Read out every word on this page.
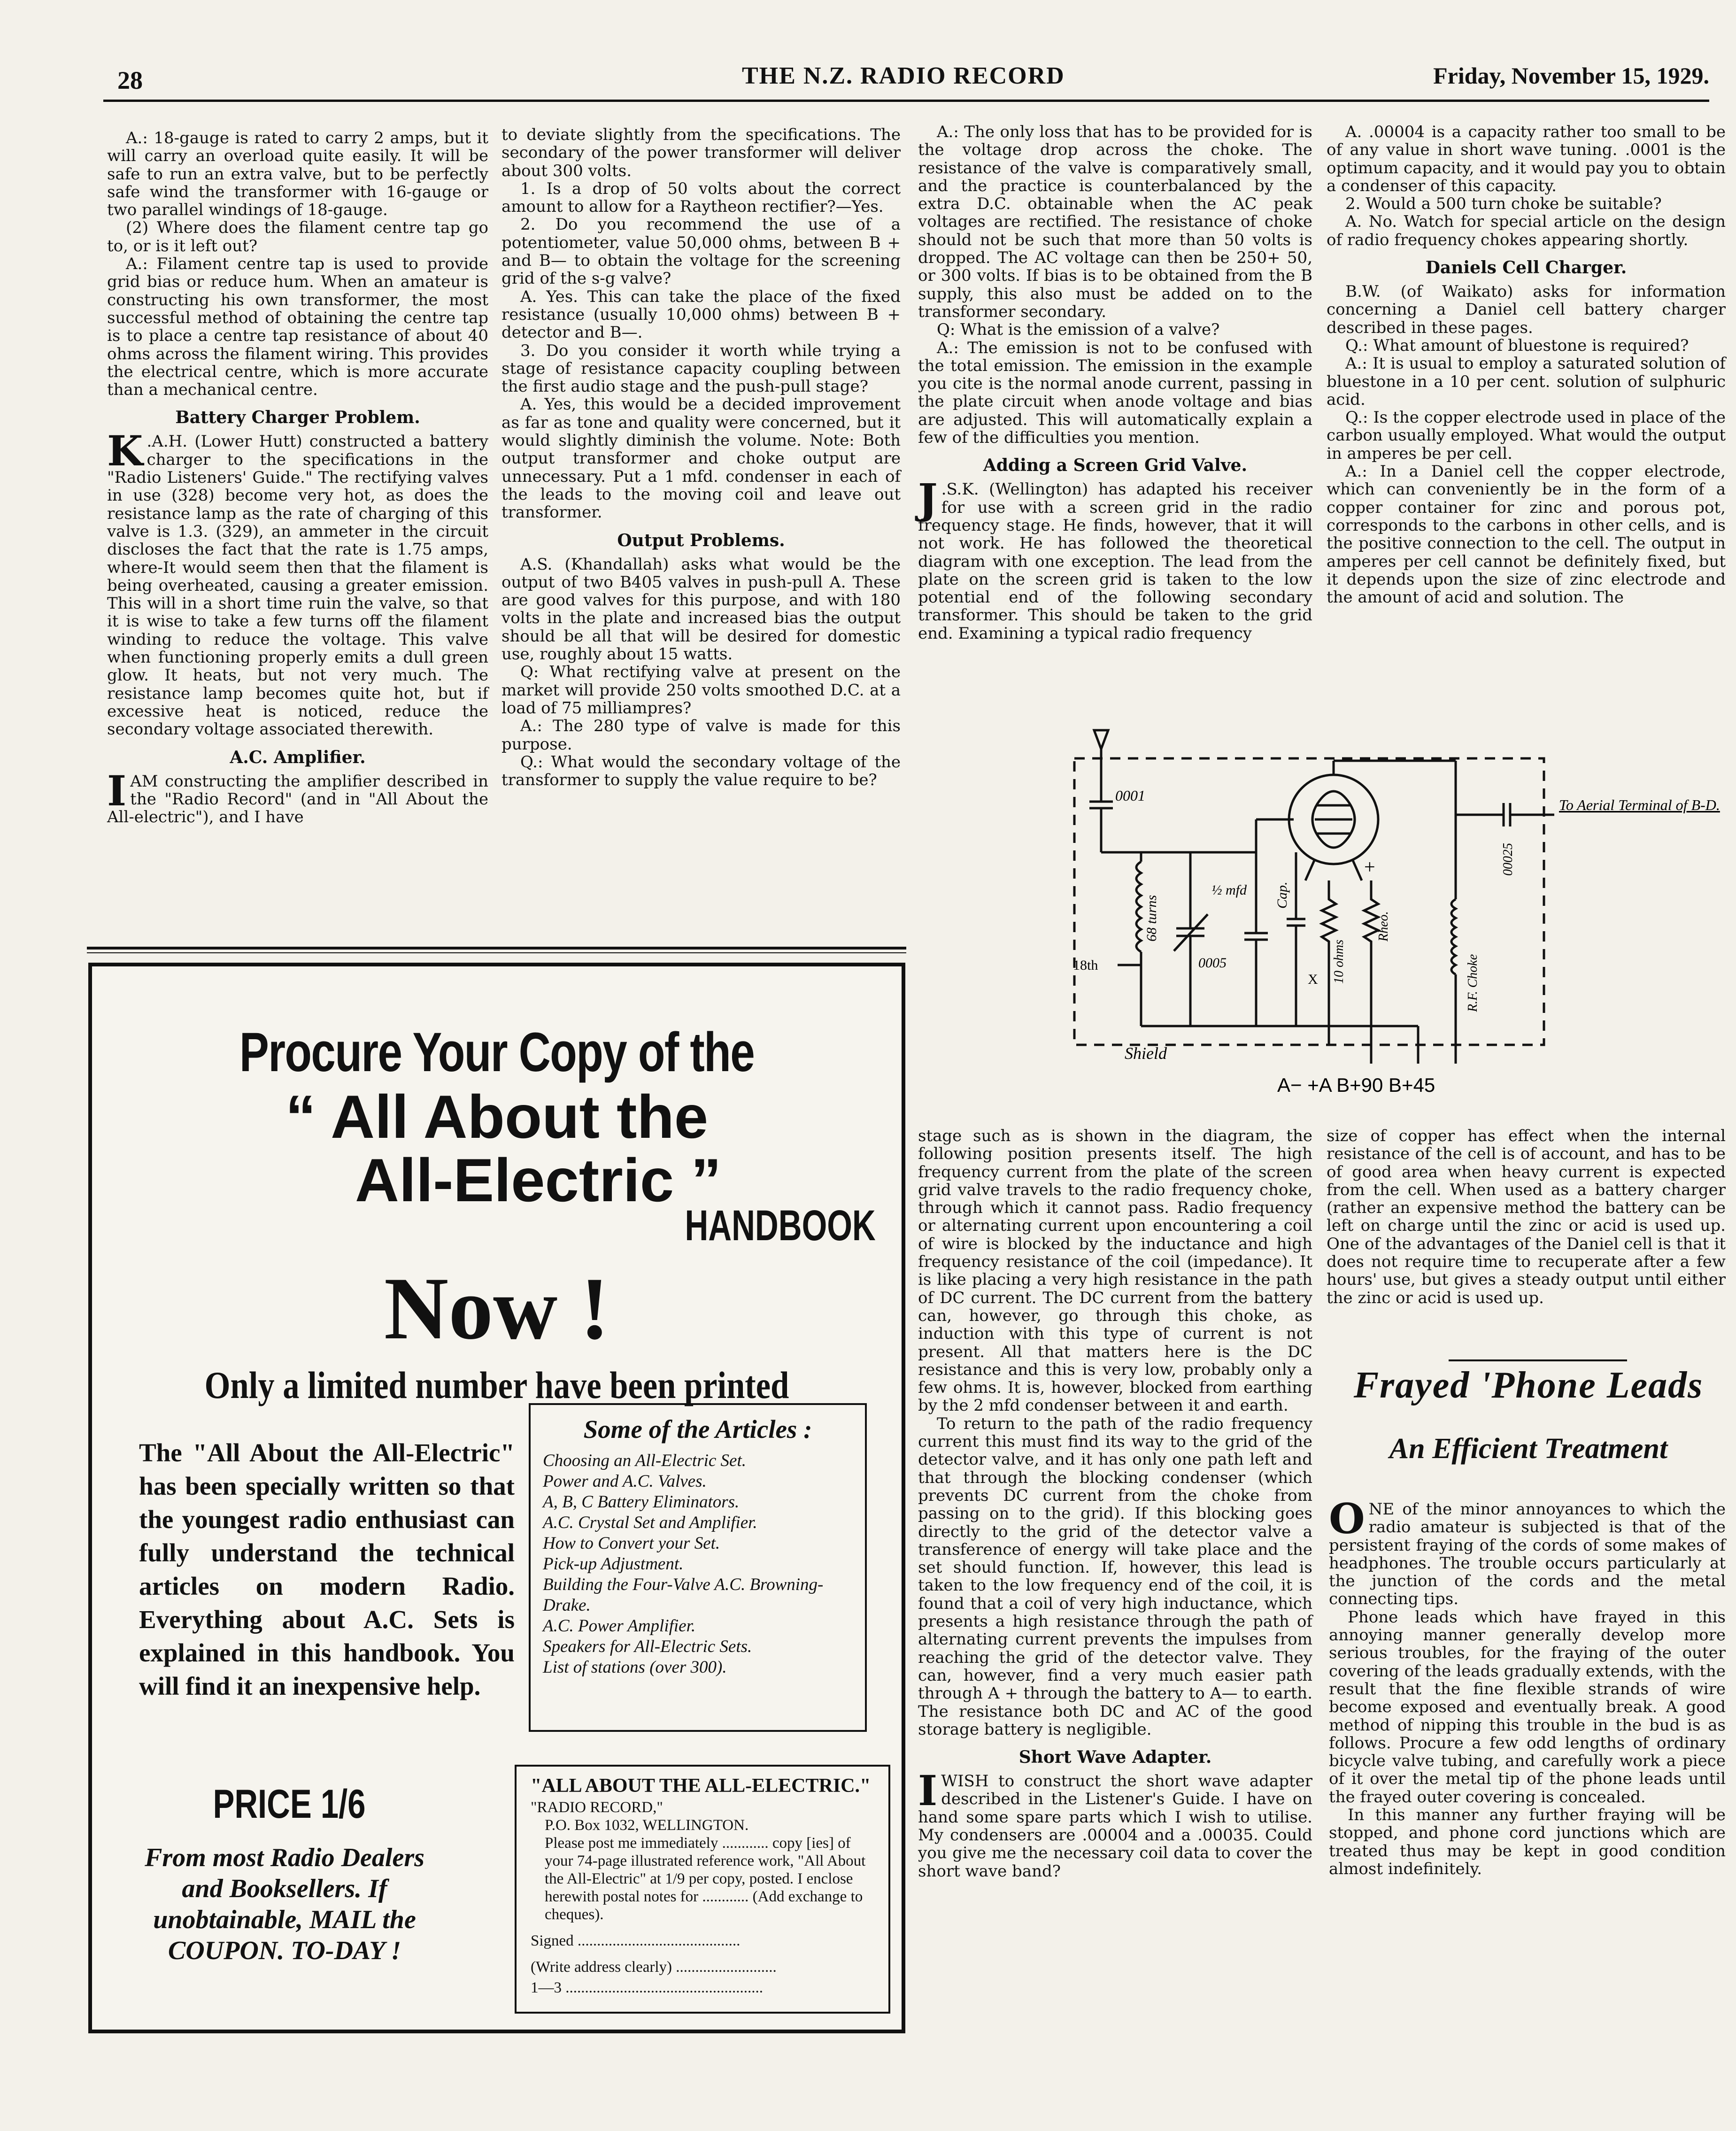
28	THE N.Z. RADIO RECORD	Friday, November 15, 1929.

A.: 18-gauge is rated to carry 2 amps, but it will carry an overload quite easily. It will be safe to run an extra valve, but to be perfectly safe wind the transformer with 16-gauge or two parallel windings of 18-gauge.

(2) Where does the filament centre tap go to, or is it left out?

A.: Filament centre tap is used to provide grid bias or reduce hum. When an amateur is constructing his own transformer, the most successful method of obtaining the centre tap is to place a centre tap resistance of about 40 ohms across the filament wiring. This provides the electrical centre, which is more accurate than a mechanical centre.

Battery Charger Problem.

K .A.H. (Lower Hutt) constructed a battery charger to the specifications in the "Radio Listeners' Guide." The rectifying valves in use (328) become very hot, as does the resistance lamp as the rate of charging of this valve is 1.3. (329), an ammeter in the circuit discloses the fact that the rate is 1.75 amps, where-It would seem then that the filament is being overheated, causing a greater emission. This will in a short time ruin the valve, so that it is wise to take a few turns off the filament winding to reduce the voltage. This valve when functioning properly emits a dull green glow. It heats, but not very much. The resistance lamp becomes quite hot, but if excessive heat is noticed, reduce the secondary voltage associated therewith.

A.C. Amplifier.

IAM constructing the amplifier described in the "Radio Record" (and in "All About the All-electric"), and I have

to deviate slightly from the specifications. The secondary of the power transformer will deliver about 300 volts.

1. Is a drop of 50 volts about the correct amount to allow for a Raytheon rectifier?—Yes.

2. Do you recommend the use of a potentiometer, value 50,000 ohms, between B + and B— to obtain the voltage for the screening grid of the s-g valve?

A. Yes. This can take the place of the fixed resistance (usually 10,000 ohms) between B + detector and B—.

3. Do you consider it worth while trying a stage of resistance capacity coupling between the first audio stage and the push-pull stage?

A. Yes, this would be a decided improvement as far as tone and quality were concerned, but it would slightly diminish the volume. Note: Both output transformer and choke output are unnecessary. Put a 1 mfd. condenser in each of the leads to the moving coil and leave out transformer.

Output Problems.

A.S. (Khandallah) asks what would be the output of two B405 valves in push-pull A. These are good valves for this purpose, and with 180 volts in the plate and increased bias the output should be all that will be desired for domestic use, roughly about 15 watts.

Q: What rectifying valve at present on the market will provide 250 volts smoothed D.C. at a load of 75 milliampres?

A.: The 280 type of valve is made for this purpose.

Q.: What would the secondary voltage of the transformer to supply the value require to be?

A.: The only loss that has to be provided for is the voltage drop across the choke. The resistance of the valve is comparatively small, and the practice is counterbalanced by the extra D.C. obtainable when the AC peak voltages are rectified. The resistance of choke should not be such that more than 50 volts is dropped. The AC voltage can then be 250+ 50, or 300 volts. If bias is to be obtained from the B supply, this also must be added on to the transformer secondary.

Q: What is the emission of a valve?

A.: The emission is not to be confused with the total emission. The emission in the example you cite is the normal anode current, passing in the plate circuit when anode voltage and bias are adjusted. This will automatically explain a few of the difficulties you mention.

Adding a Screen Grid Valve.

J .S.K. (Wellington) has adapted his receiver for use with a screen grid in the radio frequency stage. He finds, however, that it will not work. He has followed the theoretical diagram with one exception. The lead from the plate on the screen grid is taken to the low potential end of the following secondary transformer. This should be taken to the grid end. Examining a typical radio frequency

A. .00004 is a capacity rather too small to be of any value in short wave tuning. .0001 is the optimum capacity, and it would pay you to obtain a condenser of this capacity.

2. Would a 500 turn choke be suitable?

A. No. Watch for special article on the design of radio frequency chokes appearing shortly.

Daniels Cell Charger.

B.W. (of Waikato) asks for information concerning a Daniel cell battery charger described in these pages.

Q.: What amount of bluestone is required?

A.: It is usual to employ a saturated solution of bluestone in a 10 per cent. solution of sulphuric acid.

Q.: Is the copper electrode used in place of the carbon usually employed. What would the output in amperes be per cell.

A.: In a Daniel cell the copper electrode, which can conveniently be in the form of a copper container for zinc and porous pot, corresponds to the carbons in other cells, and is the positive connection to the cell. The output in amperes per cell cannot be definitely fixed, but it depends upon the size of zinc electrode and the amount of acid and solution. The

0001
68 turns
18th	0005
½ mfd Cap.
10 ohms
Rheo.
+
X	R.F. Choke
00025
To Aerial Terminal of B-D.
Shield
A− +A B+90 B+45

stage such as is shown in the diagram, the following position presents itself. The high frequency current from the plate of the screen grid valve travels to the radio frequency choke, through which it cannot pass. Radio frequency or alternating current upon encountering a coil of wire is blocked by the inductance and high frequency resistance of the coil (impedance). It is like placing a very high resistance in the path of DC current. The DC current from the battery can, however, go through this choke, as induction with this type of current is not present. All that matters here is the DC resistance and this is very low, probably only a few ohms. It is, however, blocked from earthing by the 2 mfd condenser between it and earth.

To return to the path of the radio frequency current this must find its way to the grid of the detector valve, and it has only one path left and that through the blocking condenser (which prevents DC current from the choke from passing on to the grid). If this blocking goes directly to the grid of the detector valve a transference of energy will take place and the set should function. If, however, this lead is taken to the low frequency end of the coil, it is found that a coil of very high inductance, which presents a high resistance through the path of alternating current prevents the impulses from reaching the grid of the detector valve. They can, however, find a very much easier path through A + through the battery to A— to earth. The resistance both DC and AC of the good storage battery is negligible.

Short Wave Adapter.

IWISH to construct the short wave adapter described in the Listener's Guide. I have on hand some spare parts which I wish to utilise. My condensers are .00004 and a .00035. Could you give me the necessary coil data to cover the short wave band?

size of copper has effect when the internal resistance of the cell is of account, and has to be of good area when heavy current is expected from the cell. When used as a battery charger (rather an expensive method the battery can be left on charge until the zinc or acid is used up. One of the advantages of the Daniel cell is that it does not require time to recuperate after a few hours' use, but gives a steady output until either the zinc or acid is used up.

Frayed 'Phone Leads
An Efficient Treatment

ONE of the minor annoyances to which the radio amateur is subjected is that of the persistent fraying of the cords of some makes of headphones. The trouble occurs particularly at the junction of the cords and the metal connecting tips.

Phone leads which have frayed in this annoying manner generally develop more serious troubles, for the fraying of the outer covering of the leads gradually extends, with the result that the fine flexible strands of wire become exposed and eventually break. A good method of nipping this trouble in the bud is as follows. Procure a few odd lengths of ordinary bicycle valve tubing, and carefully work a piece of it over the metal tip of the phone leads until the frayed outer covering is concealed.

In this manner any further fraying will be stopped, and phone cord junctions which are treated thus may be kept in good condition almost indefinitely.

Procure Your Copy of the
“ All About the
All-Electric ”
HANDBOOK
Now !
Only a limited number have been printed
The "All About the All-Electric" has been specially written so that the youngest radio enthusiast can fully understand the technical articles on modern Radio. Everything about A.C. Sets is explained in this handbook. You will find it an inexpensive help.
Some of the Articles :
Choosing an All-Electric Set.
Power and A.C. Valves.
A, B, C Battery Eliminators.
A.C. Crystal Set and Amplifier.
How to Convert your Set.
Pick-up Adjustment.
Building the Four-Valve A.C. Browning-Drake.
A.C. Power Amplifier.
Speakers for All-Electric Sets.
List of stations (over 300).
PRICE 1/6
From most Radio Dealers and Booksellers. If unobtainable, MAIL the COUPON. TO-DAY !
"ALL ABOUT THE ALL-ELECTRIC."
"RADIO RECORD,"
P.O. Box 1032, WELLINGTON.
Please post me immediately ............ copy [ies] of your 74-page illustrated reference work, "All About the All-Electric" at 1/9 per copy, posted. I enclose herewith postal notes for ............ (Add exchange to cheques).
Signed ..........................................
(Write address clearly) ..........................
1—3 ...................................................
